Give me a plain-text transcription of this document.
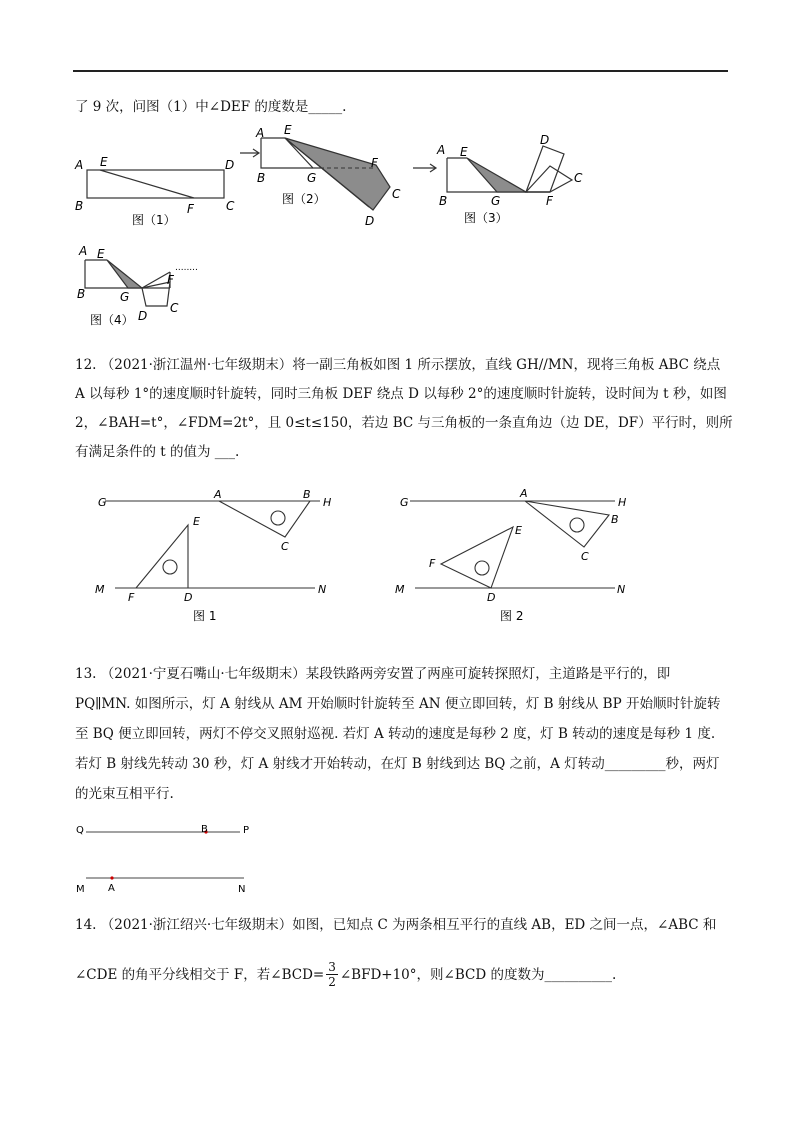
了 9 次，问图（1）中∠DEF 的度数是_____.
A E	D
B	F	C
图（1）
A E
B	G
F
C
D
图（2）
A E
D
C
B	G	F
图（3）
........
A E
F
B	G
D
C
图（4）
12. （2021·浙江温州·七年级期末）将一副三角板如图 1 所示摆放，直线 GH//MN，现将三角板 ABC 绕点
A 以每秒 1°的速度顺时针旋转，同时三角板 DEF 绕点 D 以每秒 2°的速度顺时针旋转，设时间为 t 秒，如图
2，∠BAH=t°，∠FDM=2t°，且 0≤t≤150，若边 BC 与三角板的一条直角边（边 DE，DF）平行时，则所
有满足条件的 t 的值为 ___.
G
A	B
H
C
E
M
F	D
N
图 1
G
A
H
B
C
E
F
M
D
N
图 2
13. （2021·宁夏石嘴山·七年级期末）某段铁路两旁安置了两座可旋转探照灯，主道路是平行的，即
PQ∥MN. 如图所示，灯 A 射线从 AM 开始顺时针旋转至 AN 便立即回转，灯 B 射线从 BP 开始顺时针旋转
至 BQ 便立即回转，两灯不停交叉照射巡视. 若灯 A 转动的速度是每秒 2 度，灯 B 转动的速度是每秒 1 度.
若灯 B 射线先转动 30 秒，灯 A 射线才开始转动，在灯 B 射线到达 BQ 之前，A 灯转动_________秒，两灯
的光束互相平行.
Q	B	P
M A	N
14. （2021·浙江绍兴·七年级期末）如图，已知点 C 为两条相互平行的直线 AB，ED 之间一点，∠ABC 和
∠CDE 的角平分线相交于 F，若∠BCD= $\frac{3}{2}$ ∠BFD+10°，则∠BCD 的度数为__________.
